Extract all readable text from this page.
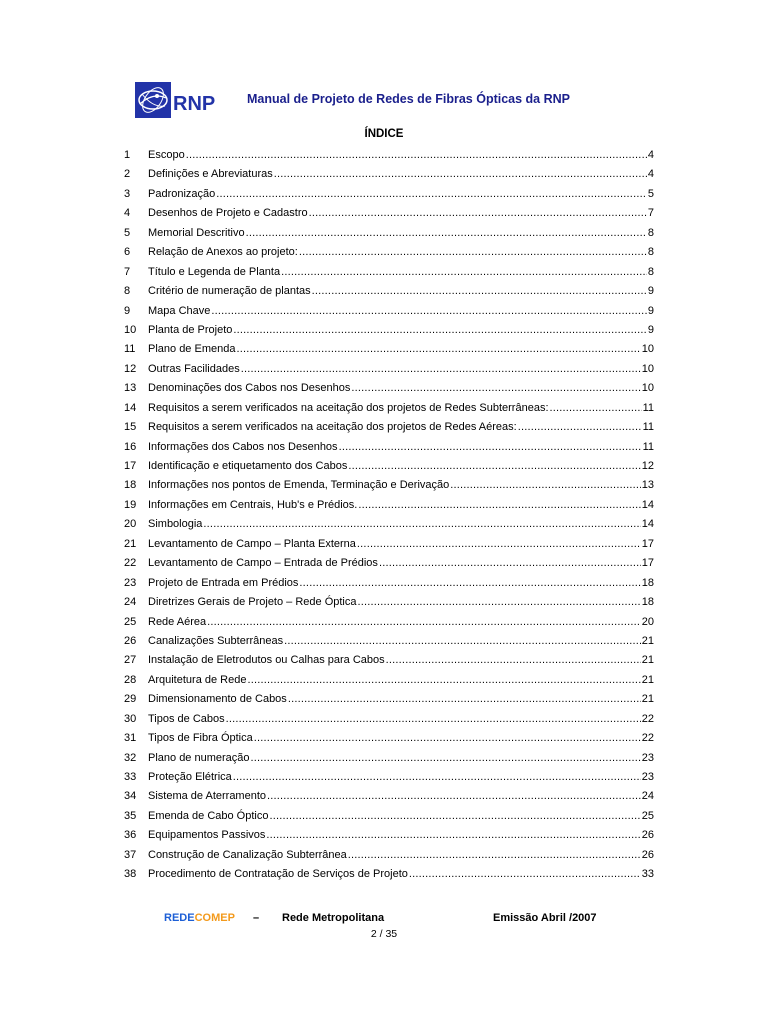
RNP	Manual de Projeto de Redes de Fibras Ópticas da RNP
ÍNDICE
1	Escopo .....	4
2	Definições e Abreviaturas .....	4
3	Padronização .....	5
4	Desenhos de Projeto e Cadastro .....	7
5	Memorial Descritivo .....	8
6	Relação de Anexos ao projeto: .....	8
7	Título e Legenda de Planta .....	8
8	Critério de numeração de plantas .....	9
9	Mapa Chave .....	9
10	Planta de Projeto .....	9
11	Plano de Emenda .....	10
12	Outras Facilidades .....	10
13	Denominações dos Cabos nos Desenhos .....	10
14	Requisitos a serem verificados na aceitação dos projetos de Redes Subterrâneas: .....	11
15	Requisitos a serem verificados na aceitação dos projetos de Redes Aéreas: .....	11
16	Informações dos Cabos nos Desenhos .....	11
17	Identificação e etiquetamento dos Cabos .....	12
18	Informações nos pontos de Emenda, Terminação e Derivação .....	13
19	Informações em Centrais, Hub's e Prédios. .....	14
20	Simbologia .....	14
21	Levantamento de Campo – Planta Externa .....	17
22	Levantamento de Campo – Entrada de Prédios .....	17
23	Projeto de Entrada em Prédios .....	18
24	Diretrizes Gerais de Projeto – Rede Óptica .....	18
25	Rede Aérea .....	20
26	Canalizações Subterrâneas .....	21
27	Instalação de Eletrodutos ou Calhas para Cabos .....	21
28	Arquitetura de Rede .....	21
29	Dimensionamento de Cabos .....	21
30	Tipos de Cabos .....	22
31	Tipos de Fibra Óptica .....	22
32	Plano de numeração .....	23
33	Proteção Elétrica .....	23
34	Sistema de Aterramento .....	24
35	Emenda de Cabo Óptico .....	25
36	Equipamentos Passivos .....	26
37	Construção de Canalização Subterrânea .....	26
38	Procedimento de Contratação de Serviços de Projeto .....	33
REDECOMEP – Rede Metropolitana	Emissão Abril /2007
2 / 35
